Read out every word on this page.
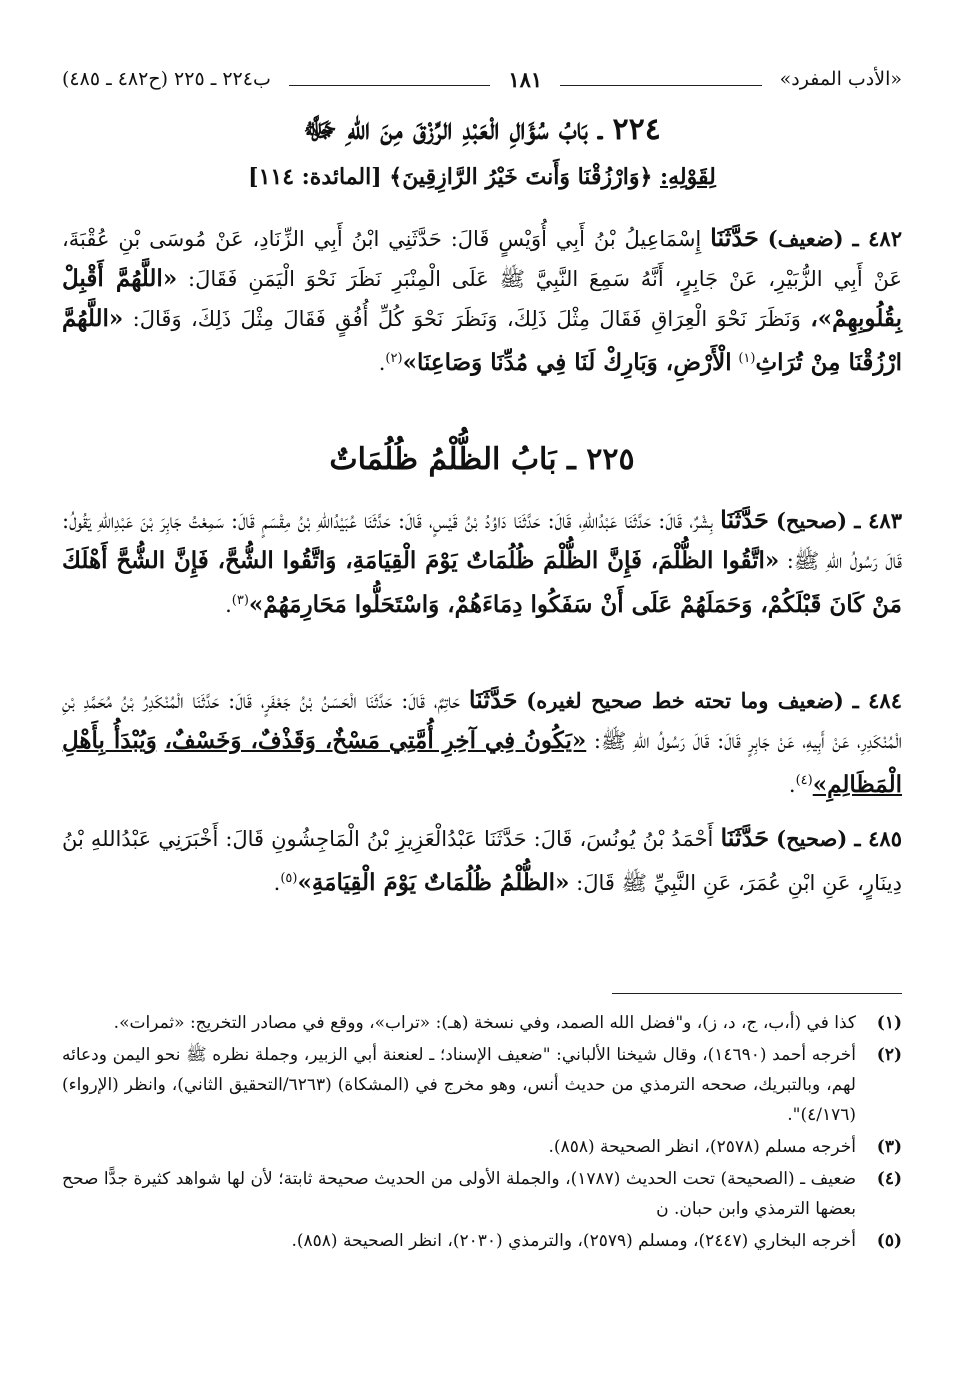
«الأدب المفرد»
١٨١
ب٢٢٤ ـ ٢٢٥ (ح٤٨٢ ـ ٤٨٥)
٢٢٤ ـ بَابُ سُؤَالِ الْعَبْدِ الرِّزْقَ مِنَ اللهِ ﷻ
لِقَوْلِهِ: ﴿وَارْزُقْنَا وَأَنتَ خَيْرُ الرَّازِقِينَ﴾ [المائدة: ١١٤]
٤٨٢ ـ (ضعيف) حَدَّثَنَا إِسْمَاعِيلُ بْنُ أَبِي أُوَيْسٍ قَالَ: حَدَّثَنِي ابْنُ أَبِي الزِّنَادِ، عَنْ مُوسَى بْنِ عُقْبَةَ، عَنْ أَبِي الزُّبَيْرِ، عَنْ جَابِرٍ، أَنَّهُ سَمِعَ النَّبِيَّ ﷺ عَلَى الْمِنْبَرِ نَظَرَ نَحْوَ الْيَمَنِ فَقَالَ: «اللَّهُمَّ أَقْبِلْ بِقُلُوبِهِمْ»، وَنَظَرَ نَحْوَ الْعِرَاقِ فَقَالَ مِثْلَ ذَلِكَ، وَنَظَرَ نَحْوَ كُلِّ أُفُقٍ فَقَالَ مِثْلَ ذَلِكَ، وَقَالَ: «اللَّهُمَّ ارْزُقْنَا مِنْ تُرَاثِ$^{(١)}$ الْأَرْضِ، وَبَارِكْ لَنَا فِي مُدِّنَا وَصَاعِنَا»$^{(٢)}$.
٢٢٥ ـ بَابُ الظُّلْمُ ظُلُمَاتٌ
٤٨٣ ـ (صحيح) حَدَّثَنَا بِشْرٌ، قَالَ: حَدَّثَنَا عَبْدُاللهِ، قَالَ: حَدَّثَنَا دَاوُدُ بْنُ قَيْسٍ، قَالَ: حَدَّثَنَا عُبَيْدُاللهِ بْنُ مِقْسَمٍ قَالَ: سَمِعْتُ جَابِرَ بْنَ عَبْدِاللهِ يَقُولُ: قَالَ رَسُولُ اللهِ ﷺ: «اتَّقُوا الظُّلْمَ، فَإِنَّ الظُّلْمَ ظُلُمَاتٌ يَوْمَ الْقِيَامَةِ، وَاتَّقُوا الشُّحَّ، فَإِنَّ الشُّحَّ أَهْلَكَ مَنْ كَانَ قَبْلَكُمْ، وَحَمَلَهُمْ عَلَى أَنْ سَفَكُوا دِمَاءَهُمْ، وَاسْتَحَلُّوا مَحَارِمَهُمْ»$^{(٣)}$.
٤٨٤ ـ (ضعيف وما تحته خط صحيح لغيره) حَدَّثَنَا حَاتِمٌ، قَالَ: حَدَّثَنَا الْحَسَنُ بْنُ جَعْفَرٍ، قَالَ: حَدَّثَنَا الْمُنْكَدِرُ بْنُ مُحَمَّدِ بْنِ الْمُنْكَدِرِ، عَنْ أَبِيهِ، عَنْ جَابِرٍ قَالَ: قَالَ رَسُولُ اللهِ ﷺ: «يَكُونُ فِي آخِرِ أُمَّتِي مَسْخٌ، وَقَذْفٌ، وَخَسْفٌ، وَيُبْدَأُ بِأَهْلِ الْمَظَالِمِ»$^{(٤)}$.
٤٨٥ ـ (صحيح) حَدَّثَنَا أَحْمَدُ بْنُ يُونُسَ، قَالَ: حَدَّثَنَا عَبْدُالْعَزِيزِ بْنُ الْمَاجِشُونِ قَالَ: أَخْبَرَنِي عَبْدُاللهِ بْنُ دِينَارٍ، عَنِ ابْنِ عُمَرَ، عَنِ النَّبِيِّ ﷺ قَالَ: «الظُّلْمُ ظُلُمَاتٌ يَوْمَ الْقِيَامَةِ»$^{(٥)}$.
(١)
كذا في (أ،ب، ج، د، ز)، و"فضل الله الصمد، وفي نسخة (هـ): «تراب»، ووقع في مصادر التخريج: «ثمرات».
(٢)
أخرجه أحمد (١٤٦٩٠)، وقال شيخنا الألباني: "ضعيف الإسناد؛ ـ لعنعنة أبي الزبير، وجملة نظره ﷺ نحو اليمن ودعائه لهم، وبالتبريك، صححه الترمذي من حديث أنس، وهو مخرج في (المشكاة) (٦٢٦٣/التحقيق الثاني)، وانظر (الإرواء) (٤/١٧٦)".
(٣)
أخرجه مسلم (٢٥٧٨)، انظر الصحيحة (٨٥٨).
(٤)
ضعيف ـ (الصحيحة) تحت الحديث (١٧٨٧)، والجملة الأولى من الحديث صحيحة ثابتة؛ لأن لها شواهد كثيرة جدًّا صحح بعضها الترمذي وابن حبان. ن
(٥)
أخرجه البخاري (٢٤٤٧)، ومسلم (٢٥٧٩)، والترمذي (٢٠٣٠)، انظر الصحيحة (٨٥٨).
